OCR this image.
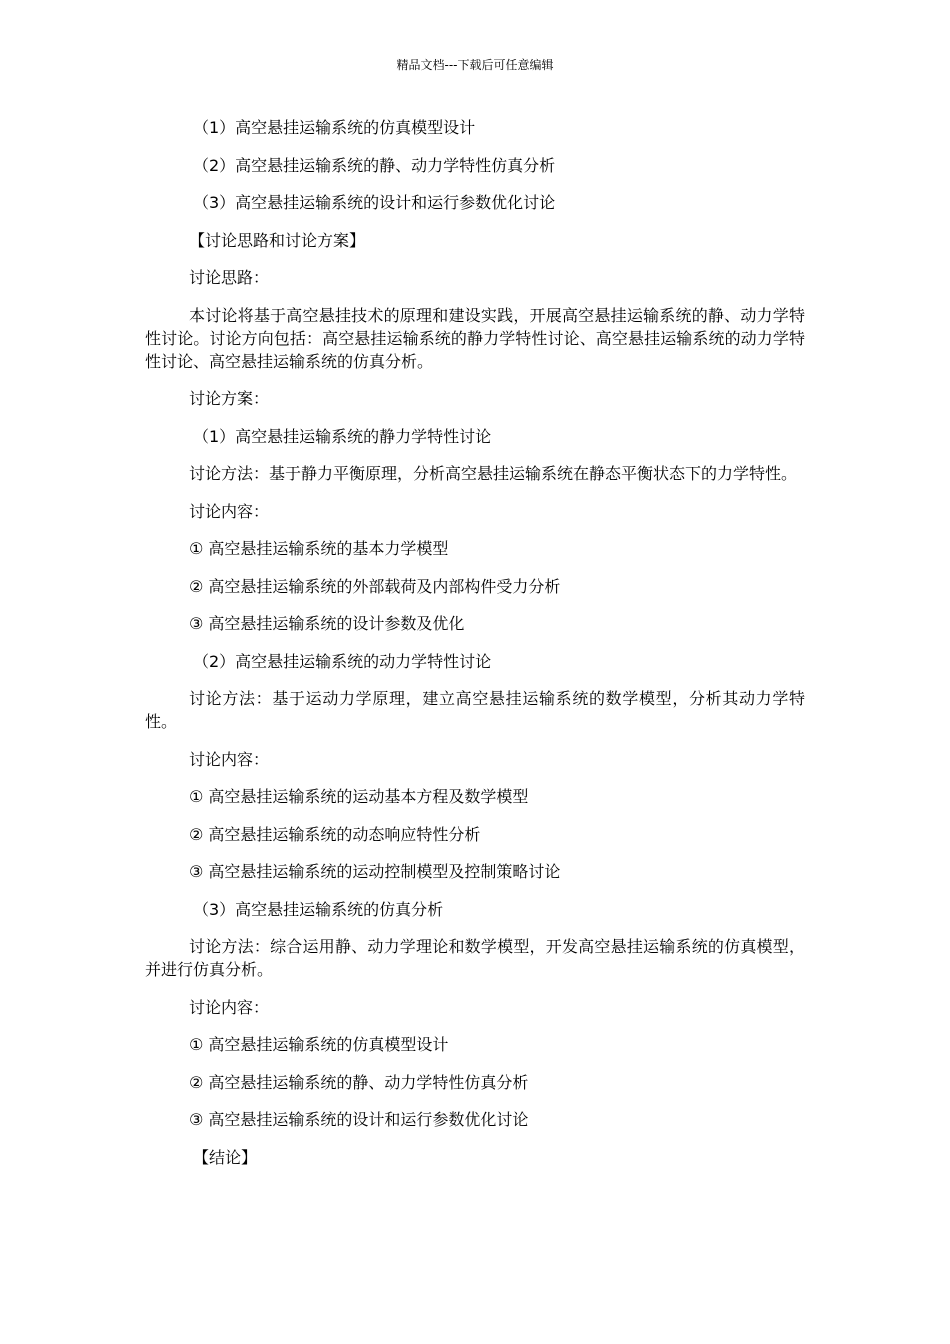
精品文档---下载后可任意编辑

（1）高空悬挂运输系统的仿真模型设计

（2）高空悬挂运输系统的静、动力学特性仿真分析

（3）高空悬挂运输系统的设计和运行参数优化讨论

【讨论思路和讨论方案】

讨论思路：

本讨论将基于高空悬挂技术的原理和建设实践，开展高空悬挂运输系统的静、动力学特性讨论。讨论方向包括：高空悬挂运输系统的静力学特性讨论、高空悬挂运输系统的动力学特性讨论、高空悬挂运输系统的仿真分析。

讨论方案：

（1）高空悬挂运输系统的静力学特性讨论

讨论方法：基于静力平衡原理，分析高空悬挂运输系统在静态平衡状态下的力学特性。

讨论内容：

① 高空悬挂运输系统的基本力学模型

② 高空悬挂运输系统的外部载荷及内部构件受力分析

③ 高空悬挂运输系统的设计参数及优化

（2）高空悬挂运输系统的动力学特性讨论

讨论方法：基于运动力学原理，建立高空悬挂运输系统的数学模型，分析其动力学特性。

讨论内容：

① 高空悬挂运输系统的运动基本方程及数学模型

② 高空悬挂运输系统的动态响应特性分析

③ 高空悬挂运输系统的运动控制模型及控制策略讨论

（3）高空悬挂运输系统的仿真分析

讨论方法：综合运用静、动力学理论和数学模型，开发高空悬挂运输系统的仿真模型，并进行仿真分析。

讨论内容：

① 高空悬挂运输系统的仿真模型设计

② 高空悬挂运输系统的静、动力学特性仿真分析

③ 高空悬挂运输系统的设计和运行参数优化讨论

【结论】
